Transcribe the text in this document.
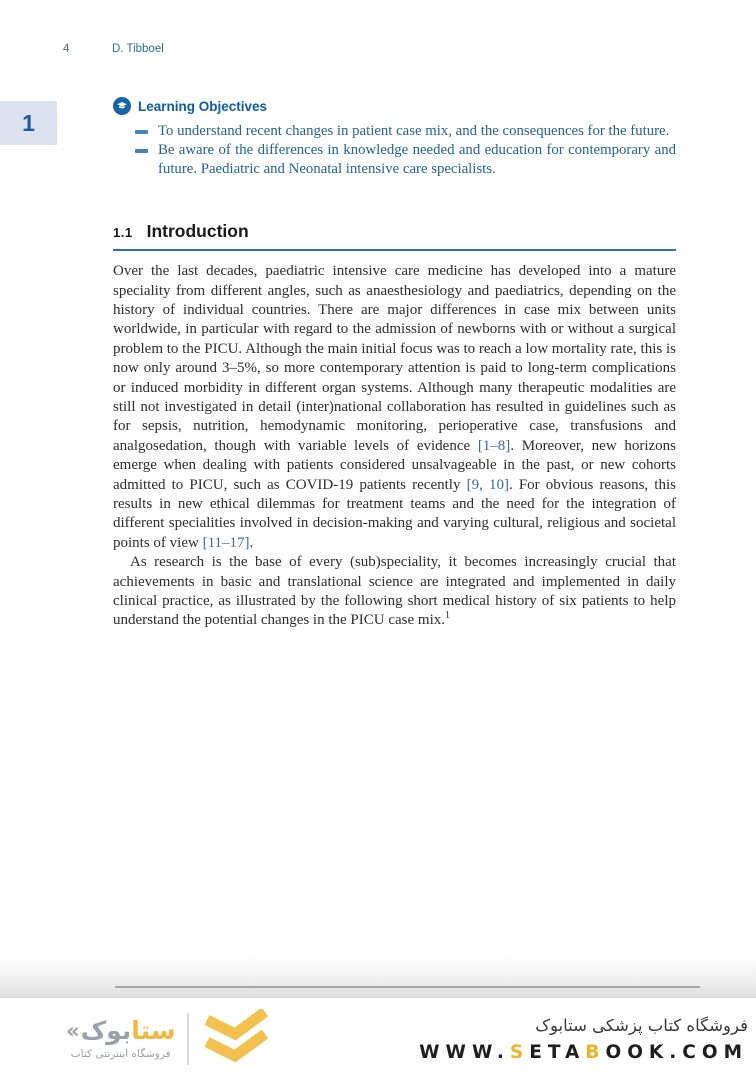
4	D. Tibboel
1
Learning Objectives
To understand recent changes in patient case mix, and the consequences for the future.
Be aware of the differences in knowledge needed and education for contemporary and future. Paediatric and Neonatal intensive care specialists.
1.1 Introduction

Over the last decades, paediatric intensive care medicine has developed into a mature speciality from different angles, such as anaesthesiology and paediatrics, depending on the history of individual countries. There are major differences in case mix between units worldwide, in particular with regard to the admission of newborns with or without a surgical problem to the PICU. Although the main initial focus was to reach a low mortality rate, this is now only around 3–5%, so more contemporary attention is paid to long-term complications or induced morbidity in different organ systems. Although many therapeutic modalities are still not investigated in detail (inter)national collaboration has resulted in guidelines such as for sepsis, nutrition, hemodynamic monitoring, perioperative case, transfusions and analgosedation, though with variable levels of evidence [1–8]. Moreover, new horizons emerge when dealing with patients considered unsalvageable in the past, or new cohorts admitted to PICU, such as COVID-19 patients recently [9, 10]. For obvious reasons, this results in new ethical dilemmas for treatment teams and the need for the integration of different specialities involved in decision-making and varying cultural, religious and societal points of view [11–17].

As research is the base of every (sub)speciality, it becomes increasingly crucial that achievements in basic and translational science are integrated and implemented in daily clinical practice, as illustrated by the following short medical history of six patients to help understand the potential changes in the PICU case mix.$^1$

« بوک ستا
فروشگاه اینترنتی کتاب
فروشگاه کتاب پزشکی ستابوک
WWW.SETABOOK.COM
